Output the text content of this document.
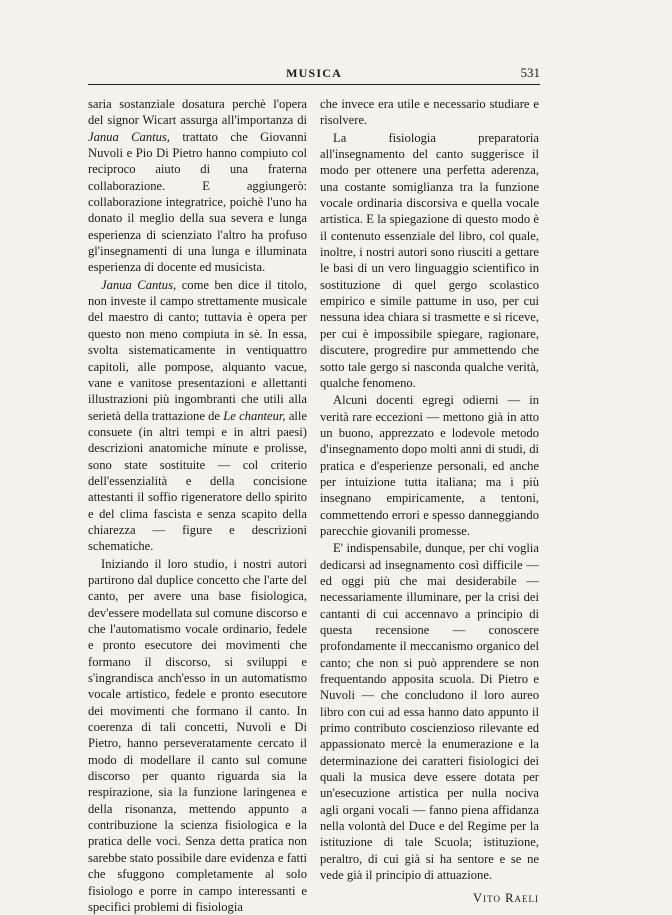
MUSICA	531

saria sostanziale dosatura perchè l'opera del signor Wicart assurga all'importanza di Janua Cantus, trattato che Giovanni Nuvoli e Pio Di Pietro hanno compiuto col reciproco aiuto di una fraterna collaborazione. E aggiungerò: collaborazione integratrice, poichè l'uno ha donato il meglio della sua severa e lunga esperienza di scienziato l'altro ha profuso gl'insegnamenti di una lunga e illuminata esperienza di docente ed musicista.

Janua Cantus, come ben dice il titolo, non investe il campo strettamente musicale del maestro di canto; tuttavia è opera per questo non meno compiuta in sè. In essa, svolta sistematicamente in ventiquattro capitoli, alle pompose, alquanto vacue, vane e vanitose presentazioni e allettanti illustrazioni più ingombranti che utili alla serietà della trattazione de Le chanteur, alle consuete (in altri tempi e in altri paesi) descrizioni anatomiche minute e prolisse, sono state sostituite — col criterio dell'essenzialità e della concisione attestanti il soffio rigeneratore dello spirito e del clima fascista e senza scapito della chiarezza — figure e descrizioni schematiche.

Iniziando il loro studio, i nostri autori partirono dal duplice concetto che l'arte del canto, per avere una base fisiologica, dev'essere modellata sul comune discorso e che l'automatismo vocale ordinario, fedele e pronto esecutore dei movimenti che formano il discorso, si sviluppi e s'ingrandisca anch'esso in un automatismo vocale artistico, fedele e pronto esecutore dei movimenti che formano il canto. In coerenza di tali concetti, Nuvoli e Di Pietro, hanno perseveratamente cercato il modo di modellare il canto sul comune discorso per quanto riguarda sia la respirazione, sia la funzione laringenea e della risonanza, mettendo appunto a contribuzione la scienza fisiologica e la pratica delle voci. Senza detta pratica non sarebbe stato possibile dare evidenza e fatti che sfuggono completamente al solo fisiologo e porre in campo interessanti e specifici problemi di fisiologia

che invece era utile e necessario studiare e risolvere.

La fisiologia preparatoria all'insegnamento del canto suggerisce il modo per ottenere una perfetta aderenza, una costante somiglianza tra la funzione vocale ordinaria discorsiva e quella vocale artistica. E la spiegazione di questo modo è il contenuto essenziale del libro, col quale, inoltre, i nostri autori sono riusciti a gettare le basi di un vero linguaggio scientifico in sostituzione di quel gergo scolastico empirico e simile pattume in uso, per cui nessuna idea chiara si trasmette e si riceve, per cui è impossibile spiegare, ragionare, discutere, progredire pur ammettendo che sotto tale gergo si nasconda qualche verità, qualche fenomeno.

Alcuni docenti egregi odierni — in verità rare eccezioni — mettono già in atto un buono, apprezzato e lodevole metodo d'insegnamento dopo molti anni di studi, di pratica e d'esperienze personali, ed anche per intuizione tutta italiana; ma i più insegnano empiricamente, a tentoni, commettendo errori e spesso danneggiando parecchie giovanili promesse.

E' indispensabile, dunque, per chi voglia dedicarsi ad insegnamento così difficile — ed oggi più che mai desiderabile — necessariamente illuminare, per la crisi dei cantanti di cui accennavo a principio di questa recensione — conoscere profondamente il meccanismo organico del canto; che non si può apprendere se non frequentando apposita scuola. Di Pietro e Nuvoli — che concludono il loro aureo libro con cui ad essa hanno dato appunto il primo contributo coscienzioso rilevante ed appassionato mercè la enumerazione e la determinazione dei caratteri fisiologici dei quali la musica deve essere dotata per un'esecuzione artistica per nulla nociva agli organi vocali — fanno piena affidanza nella volontà del Duce e del Regime per la istituzione di tale Scuola; istituzione, peraltro, di cui già si ha sentore e se ne vede già il principio di attuazione.

Vito Raeli
